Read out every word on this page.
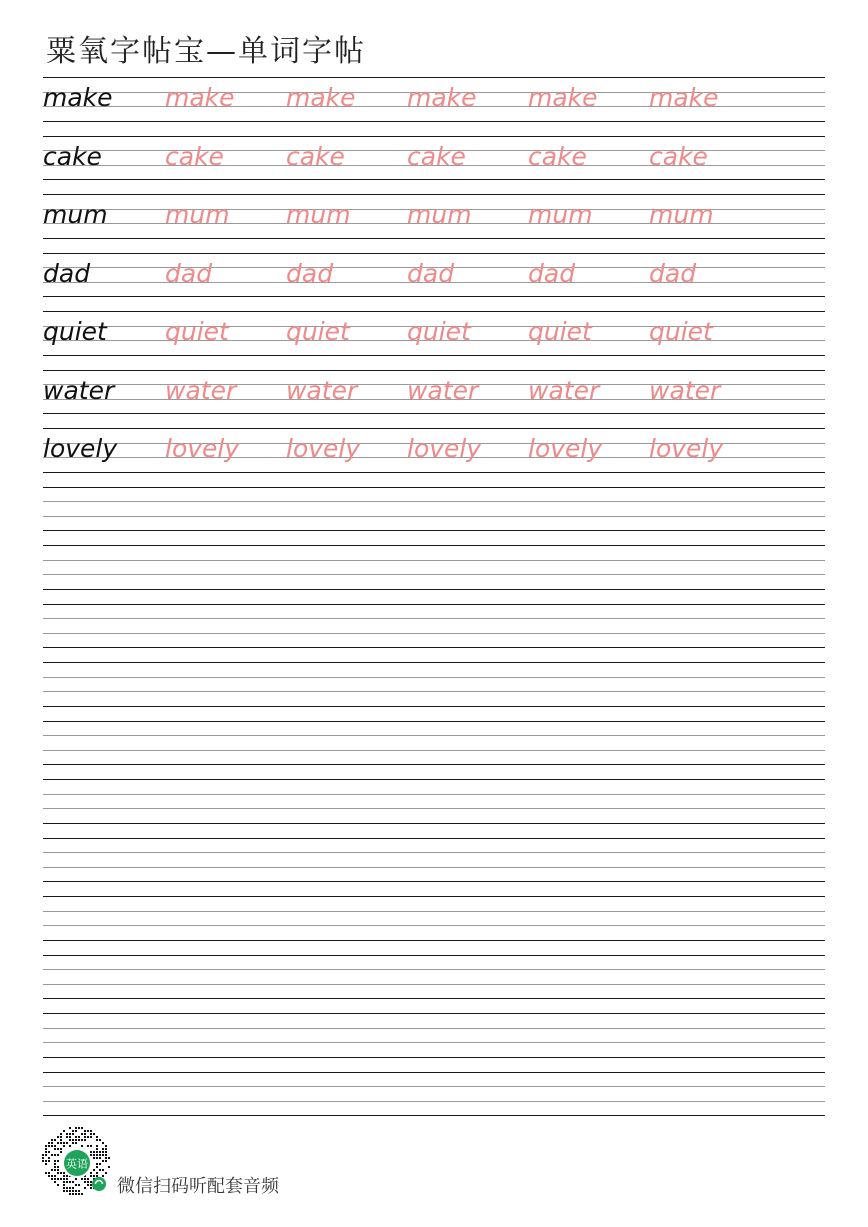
粟氧字帖宝—单词字帖
make make make make make make
cake	cake cake cake cake cake
mum mum mum mum mum mum
dad	dad	dad	dad	dad	dad
quiet quiet quiet quiet quiet quiet
water water water water water water
lovely lovely lovely lovely lovely lovely
英语
微信扫码听配套音频
